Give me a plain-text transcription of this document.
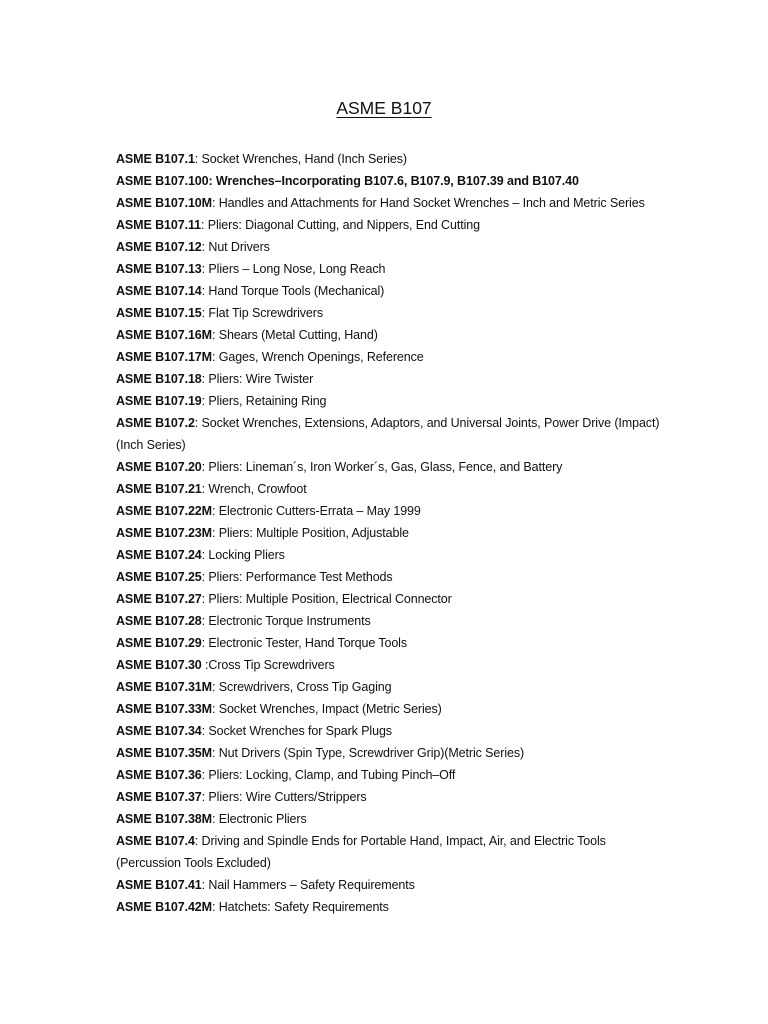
ASME B107
ASME B107.1: Socket Wrenches, Hand (Inch Series)
ASME B107.100: Wrenches–Incorporating B107.6, B107.9, B107.39 and B107.40
ASME B107.10M: Handles and Attachments for Hand Socket Wrenches – Inch and Metric Series
ASME B107.11: Pliers: Diagonal Cutting, and Nippers, End Cutting
ASME B107.12: Nut Drivers
ASME B107.13: Pliers – Long Nose, Long Reach
ASME B107.14: Hand Torque Tools (Mechanical)
ASME B107.15: Flat Tip Screwdrivers
ASME B107.16M: Shears (Metal Cutting, Hand)
ASME B107.17M: Gages, Wrench Openings, Reference
ASME B107.18: Pliers: Wire Twister
ASME B107.19: Pliers, Retaining Ring
ASME B107.2: Socket Wrenches, Extensions, Adaptors, and Universal Joints, Power Drive (Impact) (Inch Series)
ASME B107.20: Pliers: Lineman´s, Iron Worker´s, Gas, Glass, Fence, and Battery
ASME B107.21: Wrench, Crowfoot
ASME B107.22M: Electronic Cutters-Errata – May 1999
ASME B107.23M: Pliers: Multiple Position, Adjustable
ASME B107.24: Locking Pliers
ASME B107.25: Pliers: Performance Test Methods
ASME B107.27: Pliers: Multiple Position, Electrical Connector
ASME B107.28: Electronic Torque Instruments
ASME B107.29: Electronic Tester, Hand Torque Tools
ASME B107.30 :Cross Tip Screwdrivers
ASME B107.31M: Screwdrivers, Cross Tip Gaging
ASME B107.33M: Socket Wrenches, Impact (Metric Series)
ASME B107.34: Socket Wrenches for Spark Plugs
ASME B107.35M: Nut Drivers (Spin Type, Screwdriver Grip)(Metric Series)
ASME B107.36: Pliers: Locking, Clamp, and Tubing Pinch–Off
ASME B107.37: Pliers: Wire Cutters/Strippers
ASME B107.38M: Electronic Pliers
ASME B107.4: Driving and Spindle Ends for Portable Hand, Impact, Air, and Electric Tools (Percussion Tools Excluded)
ASME B107.41: Nail Hammers – Safety Requirements
ASME B107.42M: Hatchets: Safety Requirements
